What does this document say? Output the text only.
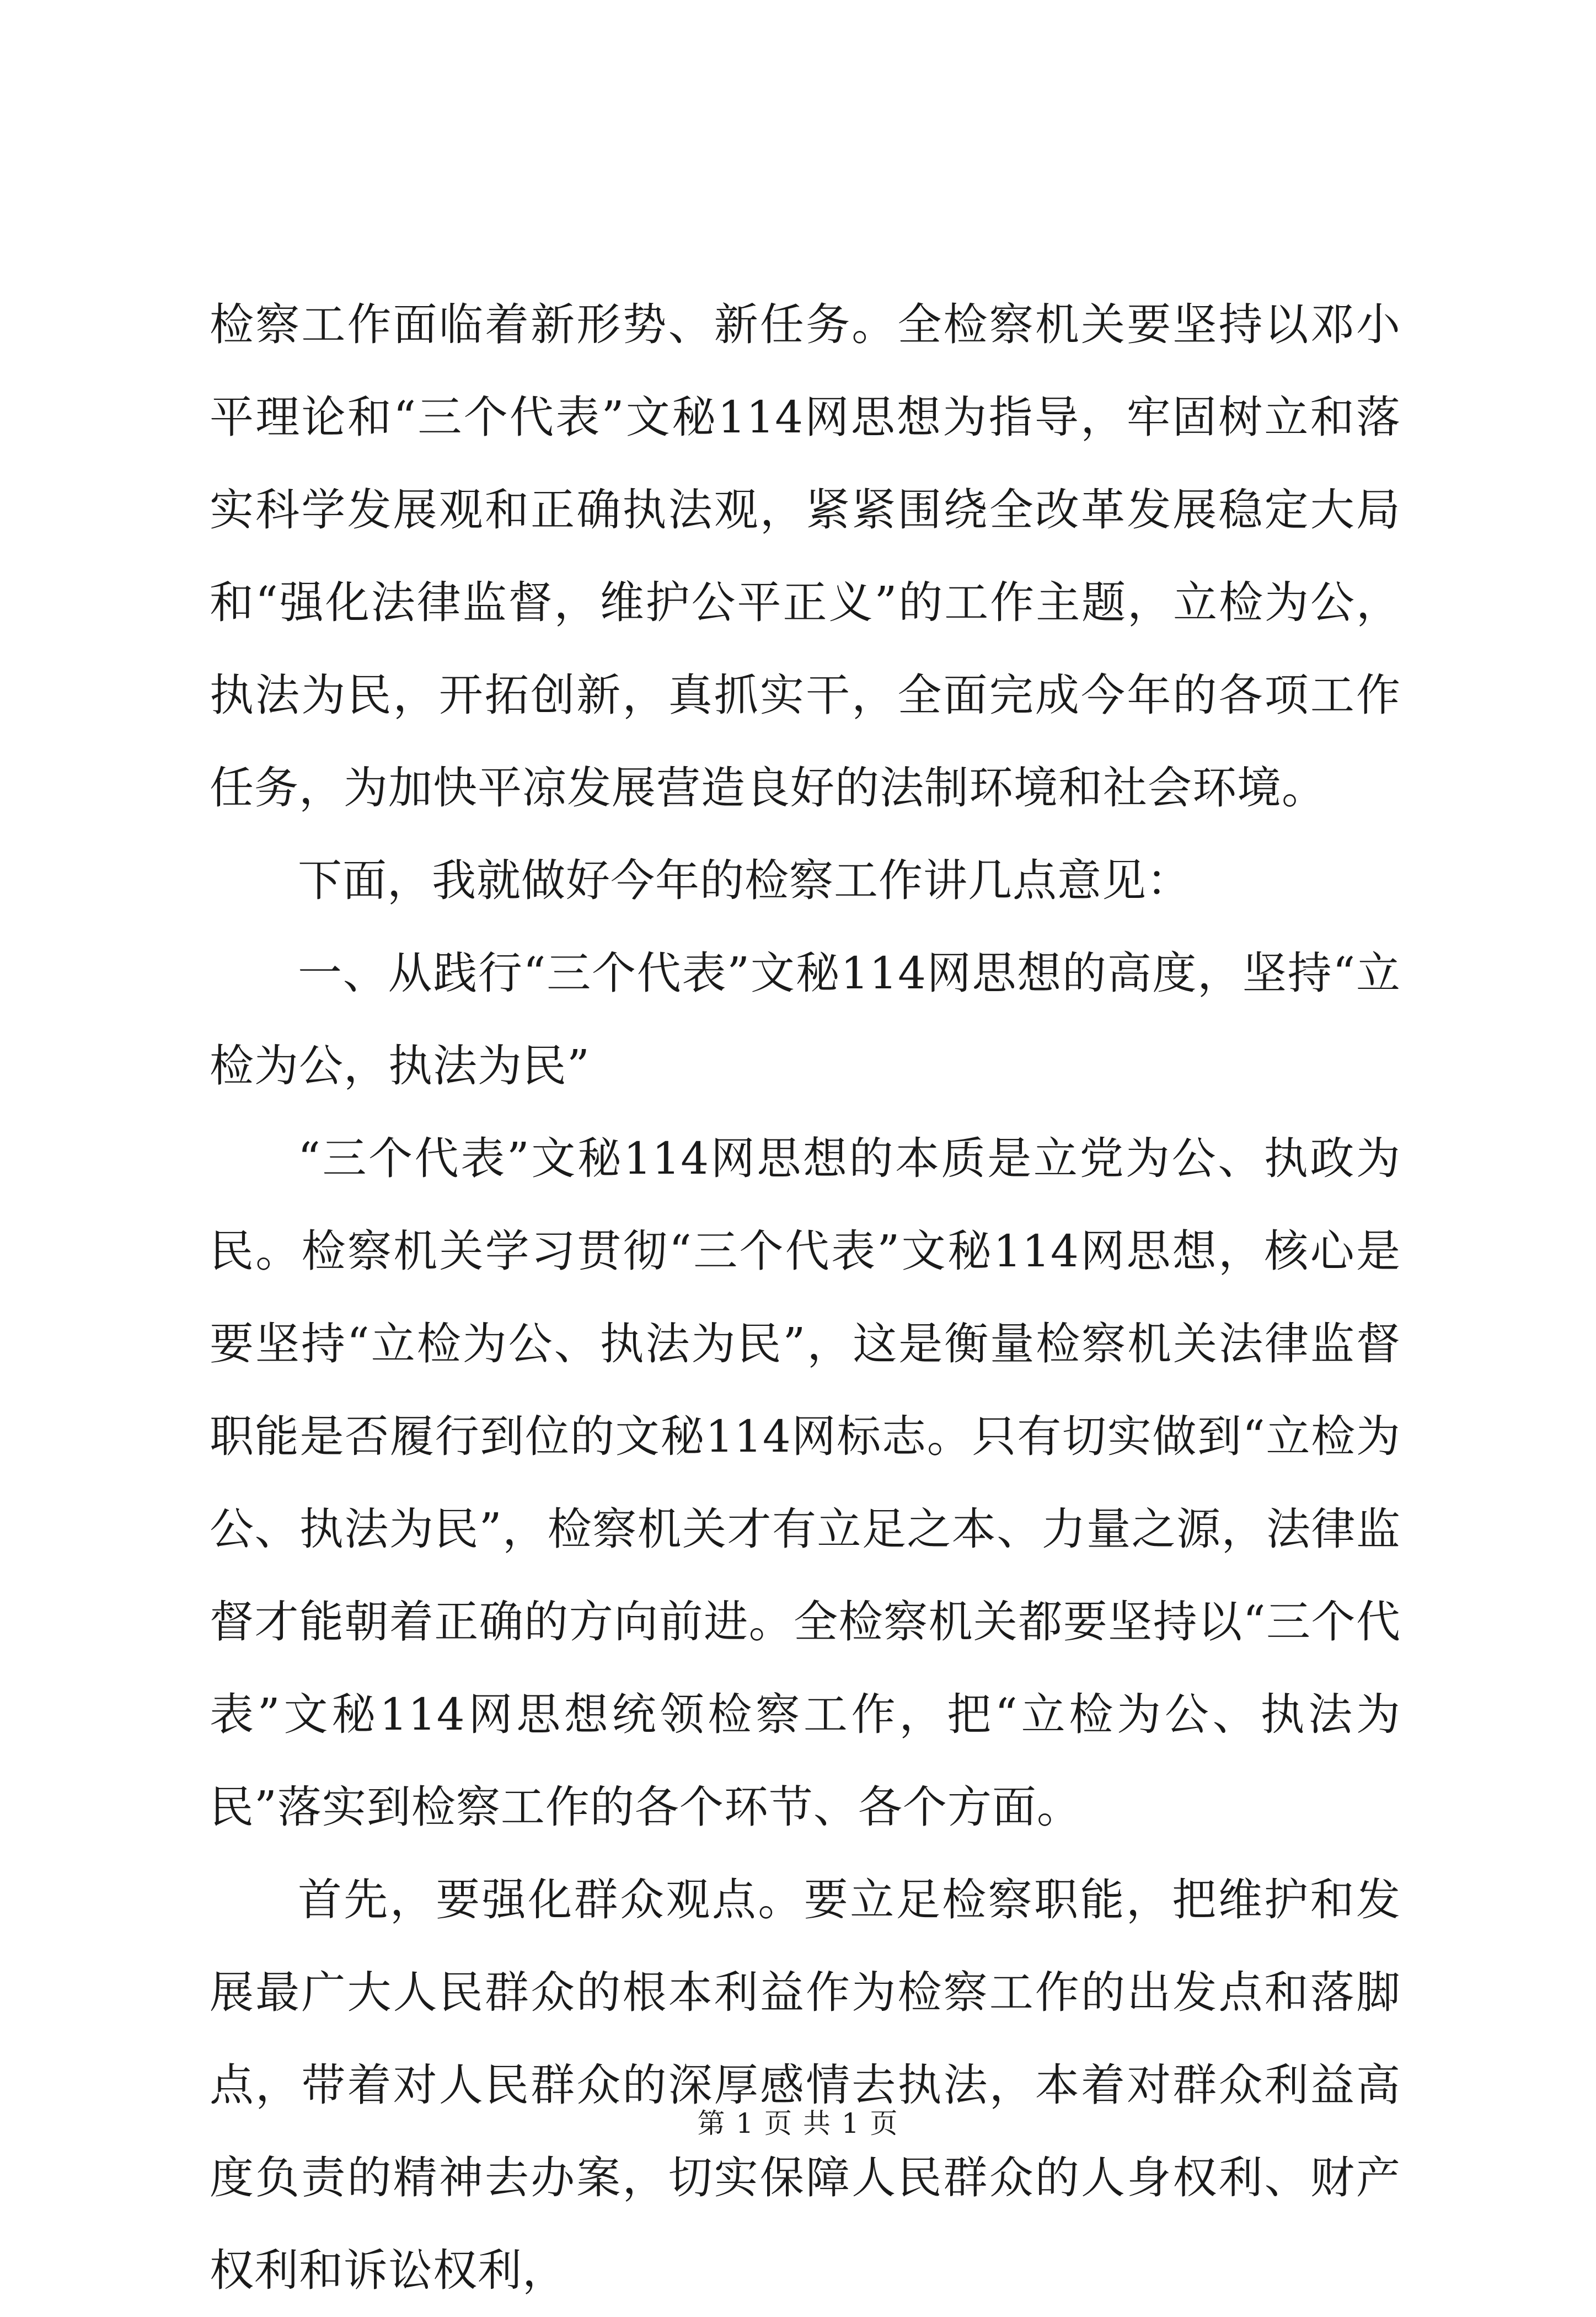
检察工作面临着新形势、新任务。全检察机关要坚持以邓小平理论和“三个代表”文秘114网思想为指导，牢固树立和落实科学发展观和正确执法观，紧紧围绕全改革发展稳定大局和“强化法律监督，维护公平正义”的工作主题，立检为公，执法为民，开拓创新，真抓实干，全面完成今年的各项工作任务，为加快平凉发展营造良好的法制环境和社会环境。

下面，我就做好今年的检察工作讲几点意见：

一、从践行“三个代表”文秘114网思想的高度，坚持“立检为公，执法为民”

“三个代表”文秘114网思想的本质是立党为公、执政为民。检察机关学习贯彻“三个代表”文秘114网思想，核心是要坚持“立检为公、执法为民”，这是衡量检察机关法律监督职能是否履行到位的文秘114网标志。只有切实做到“立检为公、执法为民”，检察机关才有立足之本、力量之源，法律监督才能朝着正确的方向前进。全检察机关都要坚持以“三个代表”文秘114网思想统领检察工作，把“立检为公、执法为民”落实到检察工作的各个环节、各个方面。

首先，要强化群众观点。要立足检察职能，把维护和发展最广大人民群众的根本利益作为检察工作的出发点和落脚点，带着对人民群众的深厚感情去执法，本着对群众利益高度负责的精神去办案，切实保障人民群众的人身权利、财产权利和诉讼权利，

第 1 页 共 1 页
